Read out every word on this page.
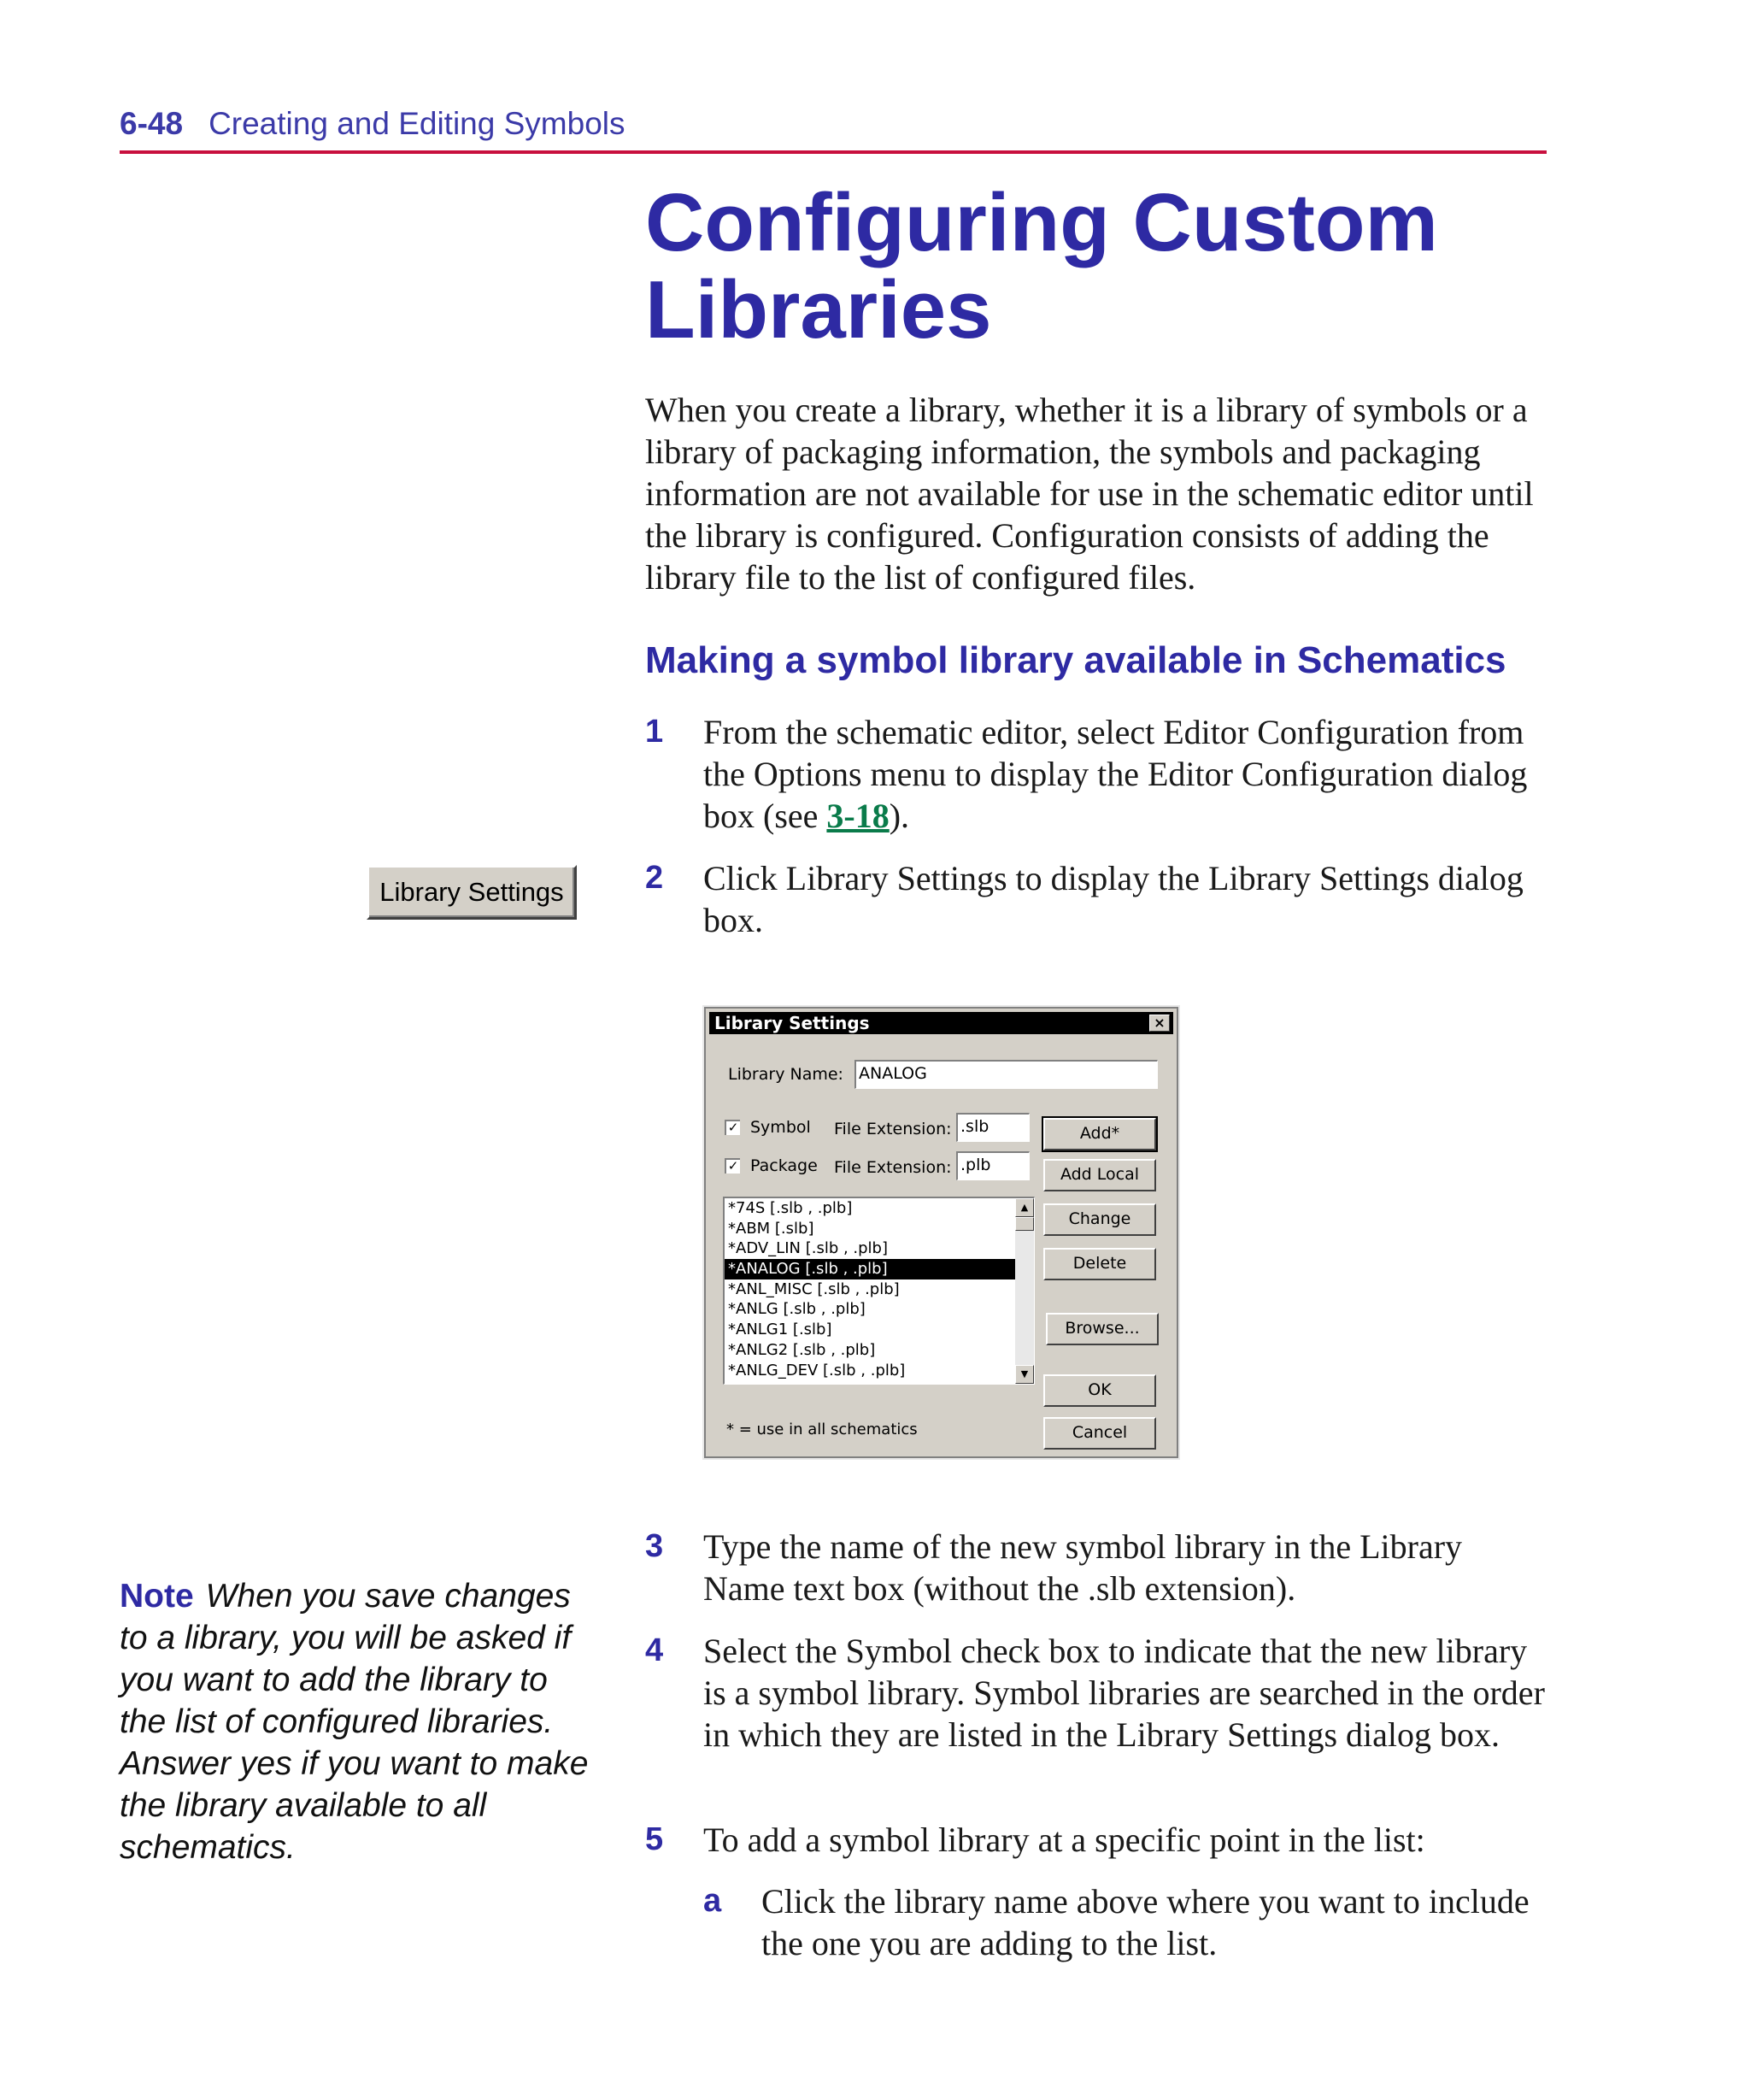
6-48 Creating and Editing Symbols
Configuring Custom Libraries

When you create a library, whether it is a library of symbols or a library of packaging information, the symbols and packaging information are not available for use in the schematic editor until the library is configured. Configuration consists of adding the library file to the list of configured files.

Making a symbol library available in Schematics
1 From the schematic editor, select Editor Configuration from the Options menu to display the Editor Configuration dialog box (see 3-18).
2 Click Library Settings to display the Library Settings dialog box.
Library Settings
Library Settings	×
Library Name: ANALOG
✓ Symbol File Extension: .slb
✓ Package File Extension: .plb
*74S [.slb , .plb]
*ABM [.slb]
*ADV_LIN [.slb , .plb]
*ANALOG [.slb , .plb]
*ANL_MISC [.slb , .plb]
*ANLG [.slb , .plb]
*ANLG1 [.slb]
*ANLG2 [.slb , .plb]
*ANLG_DEV [.slb , .plb]
▲
▼
Add*
Add Local
Change
Delete
Browse...
OK
Cancel
* = use in all schematics
3 Type the name of the new symbol library in the Library Name text box (without the .slb extension).
4 Select the Symbol check box to indicate that the new library is a symbol library. Symbol libraries are searched in the order in which they are listed in the Library Settings dialog box.
5 To add a symbol library at a specific point in the list:
a Click the library name above where you want to include the one you are adding to the list.
Note When you save changes to a library, you will be asked if you want to add the library to the list of configured libraries. Answer yes if you want to make the library available to all schematics.
